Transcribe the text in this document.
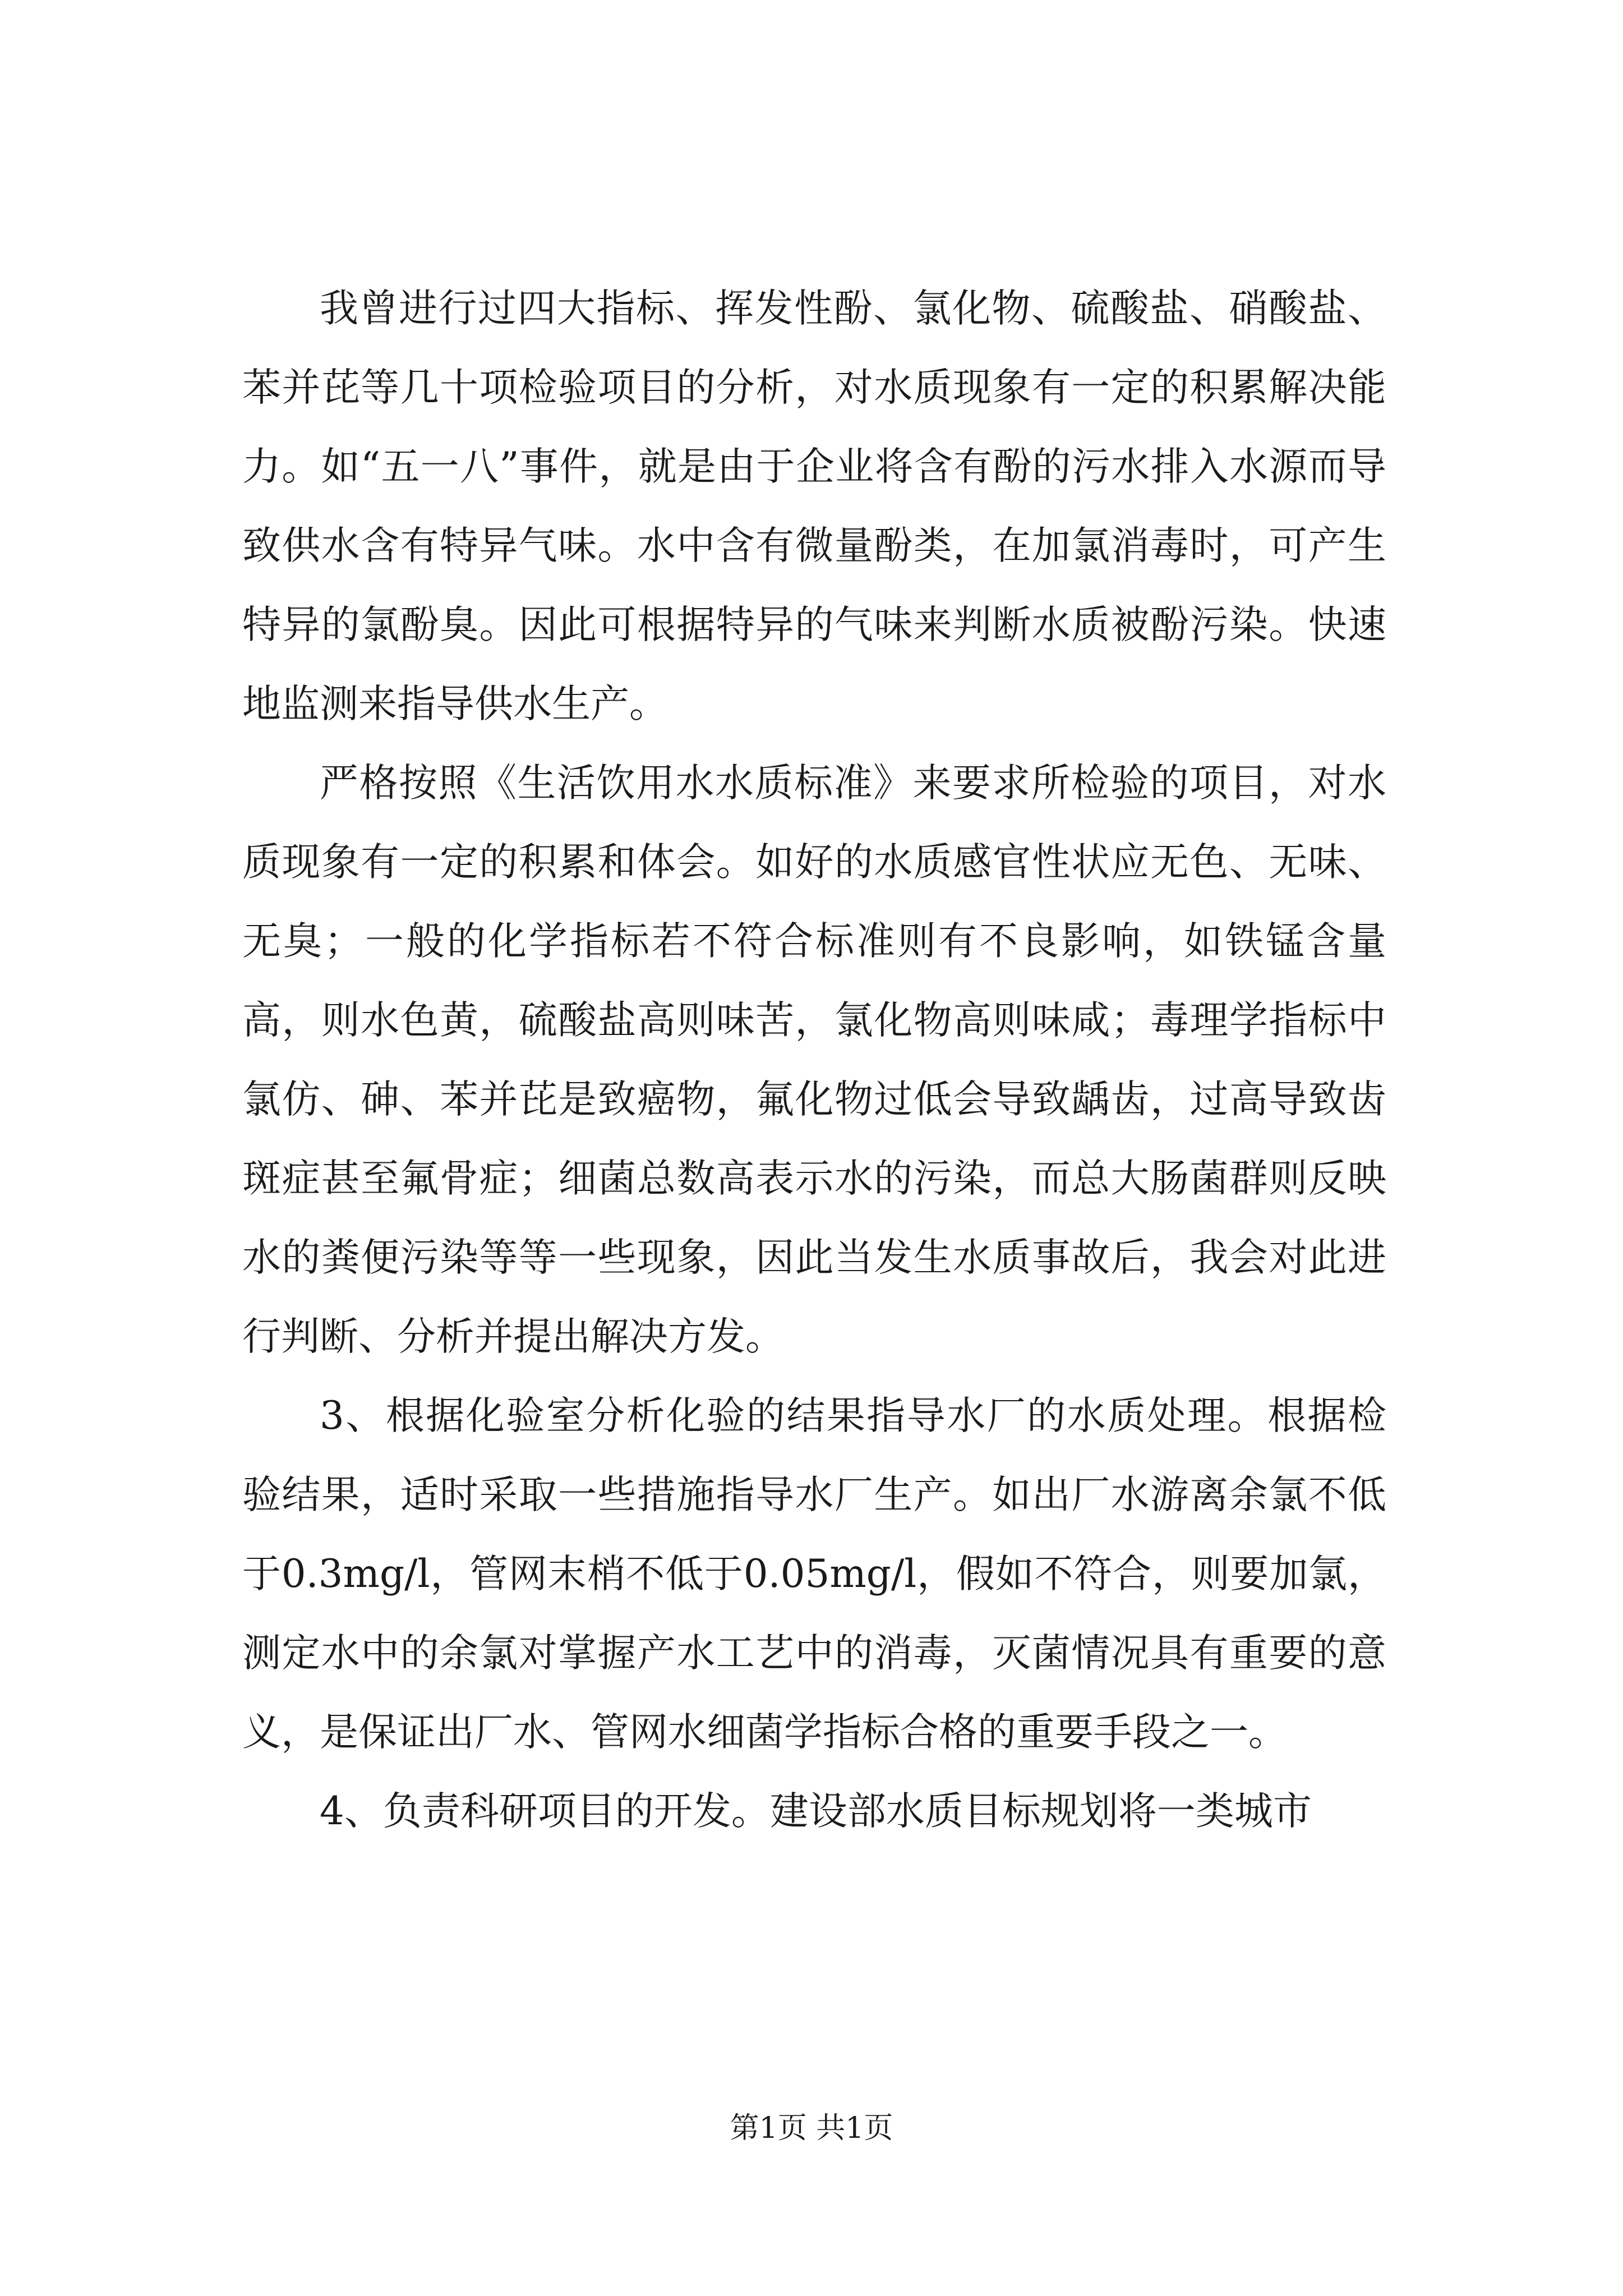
我曾进行过四大指标、挥发性酚、氯化物、硫酸盐、硝酸盐、苯并芘等几十项检验项目的分析，对水质现象有一定的积累解决能力。如“五一八”事件，就是由于企业将含有酚的污水排入水源而导致供水含有特异气味。水中含有微量酚类，在加氯消毒时，可产生特异的氯酚臭。因此可根据特异的气味来判断水质被酚污染。快速地监测来指导供水生产。

严格按照《生活饮用水水质标准》来要求所检验的项目，对水质现象有一定的积累和体会。如好的水质感官性状应无色、无味、无臭；一般的化学指标若不符合标准则有不良影响，如铁锰含量高，则水色黄，硫酸盐高则味苦，氯化物高则味咸；毒理学指标中氯仿、砷、苯并芘是致癌物，氟化物过低会导致龋齿，过高导致齿斑症甚至氟骨症；细菌总数高表示水的污染，而总大肠菌群则反映水的粪便污染等等一些现象，因此当发生水质事故后，我会对此进行判断、分析并提出解决方发。

3、根据化验室分析化验的结果指导水厂的水质处理。根据检验结果，适时采取一些措施指导水厂生产。如出厂水游离余氯不低于0.3mg/l，管网末梢不低于0.05mg/l，假如不符合，则要加氯，测定水中的余氯对掌握产水工艺中的消毒，灭菌情况具有重要的意义，是保证出厂水、管网水细菌学指标合格的重要手段之一。

4、负责科研项目的开发。建设部水质目标规划将一类城市

第1页 共1页
